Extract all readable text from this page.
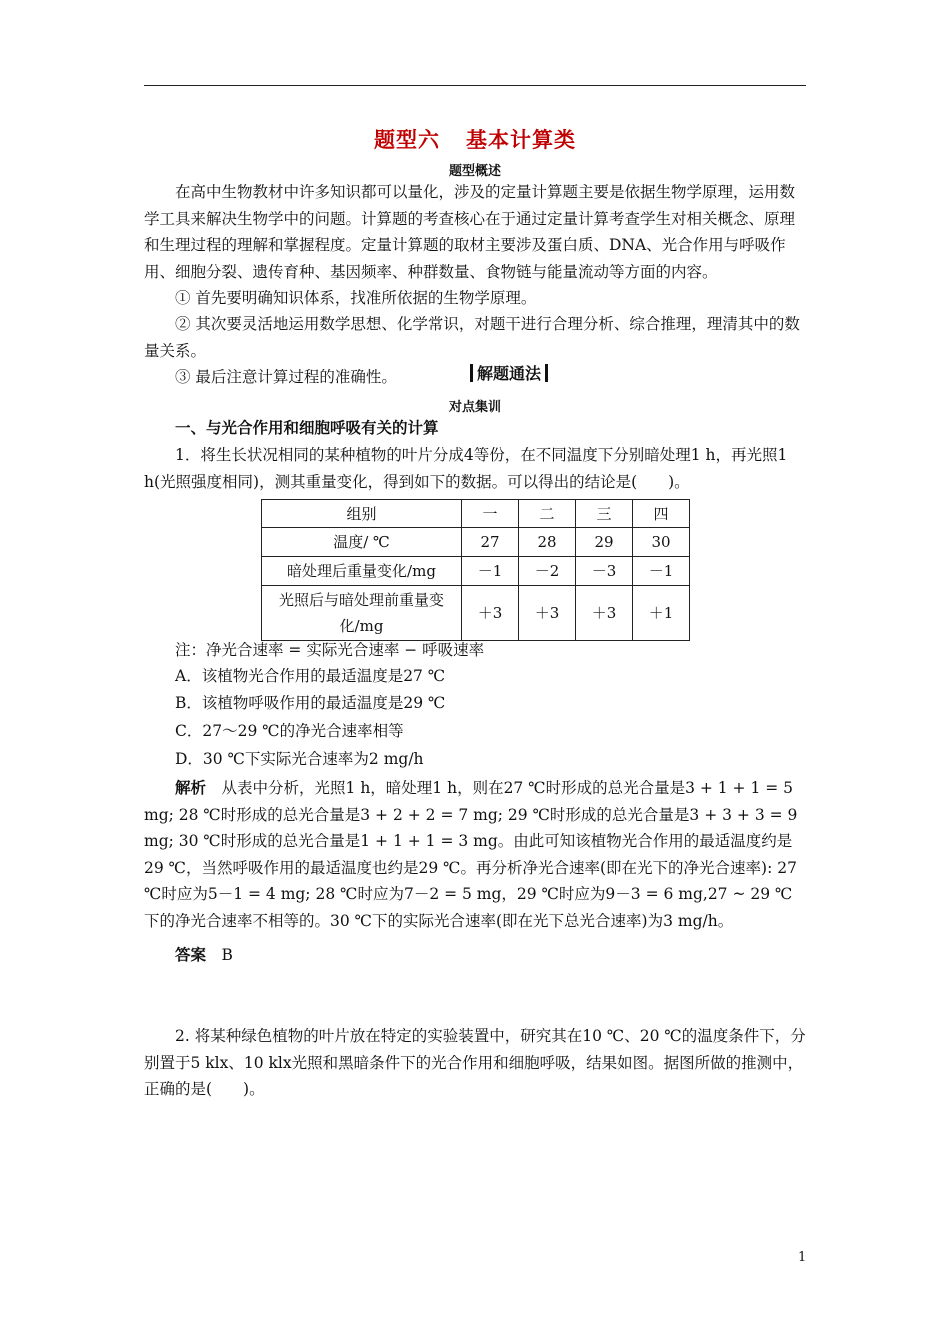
题型六 基本计算类
题型概述
在高中生物教材中许多知识都可以量化，涉及的定量计算题主要是依据生物学原理，运用数学工具来解决生物学中的问题。计算题的考查核心在于通过定量计算考查学生对相关概念、原理和生理过程的理解和掌握程度。定量计算题的取材主要涉及蛋白质、DNA、光合作用与呼吸作用、细胞分裂、遗传育种、基因频率、种群数量、食物链与能量流动等方面的内容。
① 首先要明确知识体系，找准所依据的生物学原理。
② 其次要灵活地运用数学思想、化学常识，对题干进行合理分析、综合推理，理清其中的数量关系。
③ 最后注意计算过程的准确性。	解题通法
对点集训
一、与光合作用和细胞呼吸有关的计算
1．将生长状况相同的某种植物的叶片分成4等份，在不同温度下分别暗处理1 h，再光照1 h(光照强度相同)，测其重量变化，得到如下的数据。可以得出的结论是(　　)。
组别	一	二	三	四
温度/ ℃	27	28	29	30
暗处理后重量变化/mg	－1	－2	－3	－1
光照后与暗处理前重量变化/mg	＋3	＋3	＋3	＋1
注：净光合速率 = 实际光合速率 − 呼吸速率
A．该植物光合作用的最适温度是27 ℃
B．该植物呼吸作用的最适温度是29 ℃
C．27～29 ℃的净光合速率相等
D．30 ℃下实际光合速率为2 mg/h
解析　 从表中分析，光照1 h，暗处理1 h，则在27 ℃时形成的总光合量是3 + 1 + 1 = 5 mg; 28 ℃时形成的总光合量是3 + 2 + 2 = 7 mg; 29 ℃时形成的总光合量是3 + 3 + 3 = 9 mg; 30 ℃时形成的总光合量是1 + 1 + 1 = 3 mg。由此可知该植物光合作用的最适温度约是29 ℃，当然呼吸作用的最适温度也约是29 ℃。再分析净光合速率(即在光下的净光合速率): 27 ℃时应为5－1 = 4 mg; 28 ℃时应为7－2 = 5 mg，29 ℃时应为9－3 = 6 mg,27 ~ 29 ℃下的净光合速率不相等的。30 ℃下的实际光合速率(即在光下总光合速率)为3 mg/h。
答案　 B
2. 将某种绿色植物的叶片放在特定的实验装置中，研究其在10 ℃、20 ℃的温度条件下，分别置于5 klx、10 klx光照和黑暗条件下的光合作用和细胞呼吸，结果如图。据图所做的推测中，正确的是(　　)。
1
